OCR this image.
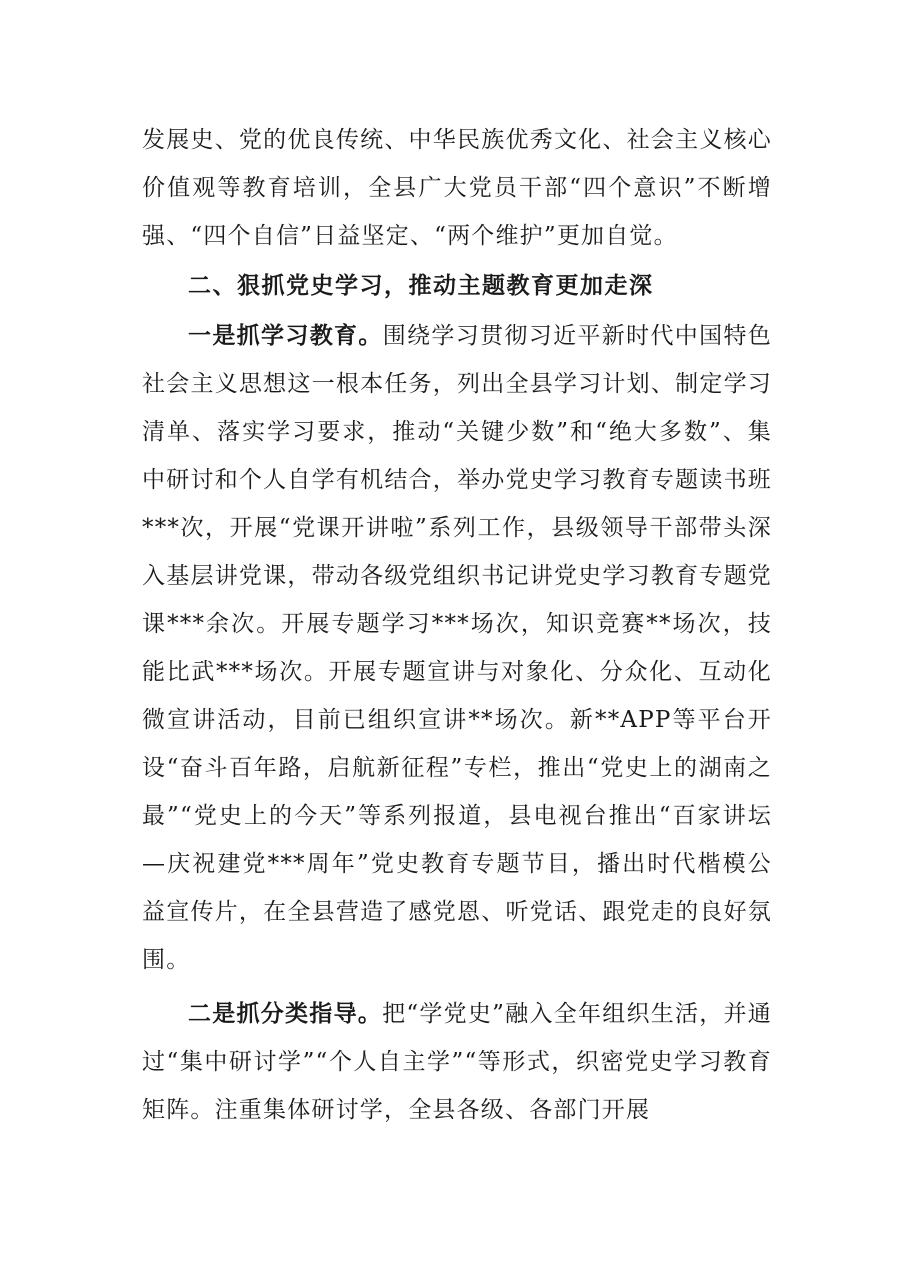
发展史、党的优良传统、中华民族优秀文化、社会主义核心价值观等教育培训，全县广大党员干部“四个意识”不断增强、“四个自信”日益坚定、“两个维护”更加自觉。

二、狠抓党史学习，推动主题教育更加走深

一是抓学习教育。围绕学习贯彻习近平新时代中国特色社会主义思想这一根本任务，列出全县学习计划、制定学习清单、落实学习要求，推动“关键少数”和“绝大多数”、集中研讨和个人自学有机结合，举办党史学习教育专题读书班***次，开展“党课开讲啦”系列工作，县级领导干部带头深入基层讲党课，带动各级党组织书记讲党史学习教育专题党课***余次。开展专题学习***场次，知识竞赛**场次，技能比武***场次。开展专题宣讲与对象化、分众化、互动化微宣讲活动，目前已组织宣讲**场次。新**APP等平台开设“奋斗百年路，启航新征程”专栏，推出“党史上的湖南之最”“党史上的今天”等系列报道，县电视台推出“百家讲坛—庆祝建党***周年”党史教育专题节目，播出时代楷模公益宣传片，在全县营造了感党恩、听党话、跟党走的良好氛围。

二是抓分类指导。把“学党史”融入全年组织生活，并通过“集中研讨学”“个人自主学”“等形式，织密党史学习教育矩阵。注重集体研讨学，全县各级、各部门开展
